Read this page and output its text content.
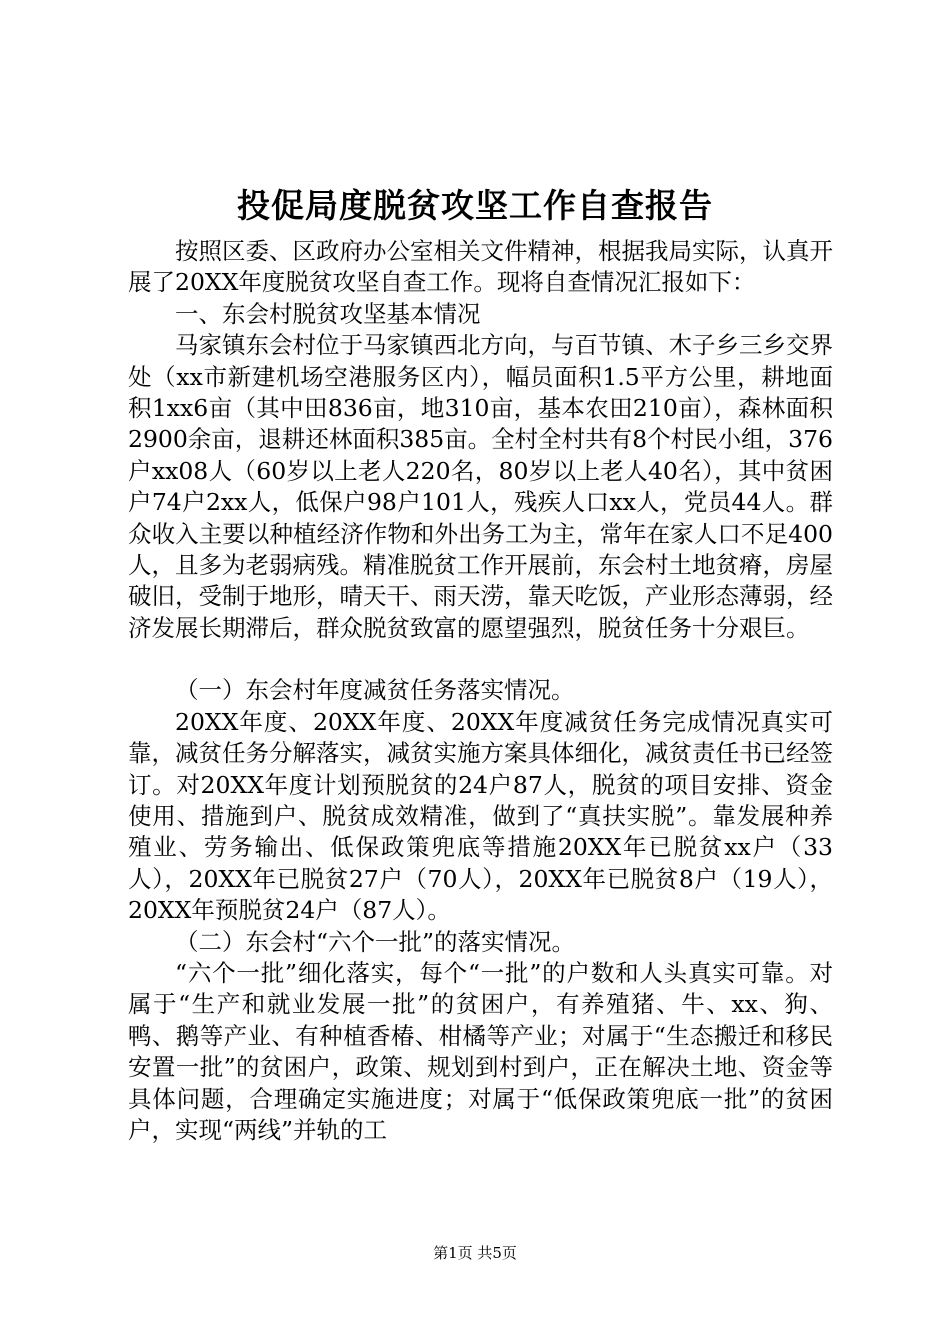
投促局度脱贫攻坚工作自查报告

按照区委、区政府办公室相关文件精神，根据我局实际，认真开展了20XX年度脱贫攻坚自查工作。现将自查情况汇报如下：

一、东会村脱贫攻坚基本情况

马家镇东会村位于马家镇西北方向，与百节镇、木子乡三乡交界处（xx市新建机场空港服务区内），幅员面积1.5平方公里，耕地面积1xx6亩（其中田836亩，地310亩，基本农田210亩），森林面积2900余亩，退耕还林面积385亩。全村全村共有8个村民小组，376户xx08人（60岁以上老人220名，80岁以上老人40名），其中贫困户74户2xx人，低保户98户101人，残疾人口xx人，党员44人。群众收入主要以种植经济作物和外出务工为主，常年在家人口不足400人，且多为老弱病残。精准脱贫工作开展前，东会村土地贫瘠，房屋破旧，受制于地形，晴天干、雨天涝，靠天吃饭，产业形态薄弱，经济发展长期滞后，群众脱贫致富的愿望强烈，脱贫任务十分艰巨。

（一）东会村年度减贫任务落实情况。

20XX年度、20XX年度、20XX年度减贫任务完成情况真实可靠，减贫任务分解落实，减贫实施方案具体细化，减贫责任书已经签订。对20XX年度计划预脱贫的24户87人，脱贫的项目安排、资金使用、措施到户、脱贫成效精准，做到了“真扶实脱”。靠发展种养殖业、劳务输出、低保政策兜底等措施20XX年已脱贫xx户（33人），20XX年已脱贫27户（70人），20XX年已脱贫8户（19人），20XX年预脱贫24户（87人）。

（二）东会村“六个一批”的落实情况。

“六个一批”细化落实，每个“一批”的户数和人头真实可靠。对属于“生产和就业发展一批”的贫困户，有养殖猪、牛、xx、狗、鸭、鹅等产业、有种植香椿、柑橘等产业；对属于“生态搬迁和移民安置一批”的贫困户，政策、规划到村到户，正在解决土地、资金等具体问题，合理确定实施进度；对属于“低保政策兜底一批”的贫困户，实现“两线”并轨的工

第1页 共5页
